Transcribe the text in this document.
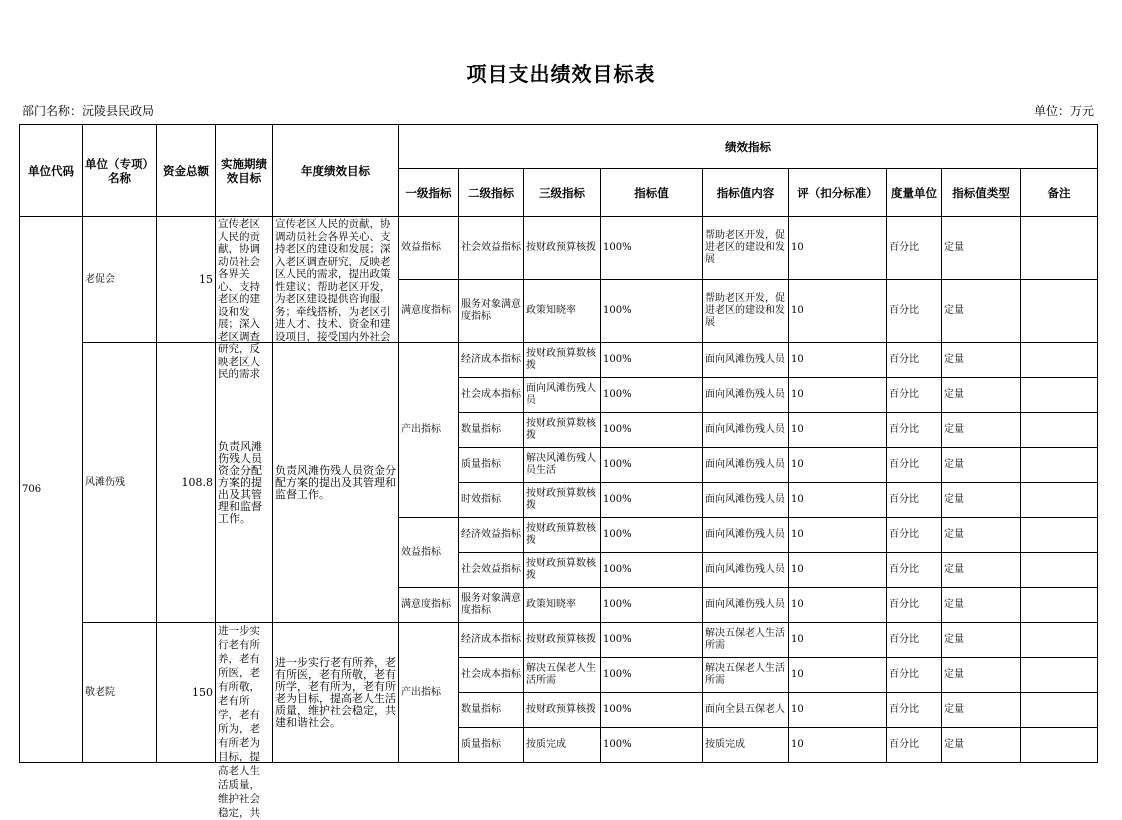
项目支出绩效目标表
部门名称：沅陵县民政局	单位：万元
单位代码	单位（专项）名称	资金总额	实施期绩效目标	年度绩效目标	绩效指标								
					一级指标	二级指标	三级指标	指标值	指标值内容	评（扣分标准）	度量单位	指标值类型	备注
706	老促会	15	宣传老区人民的贡献，协调动员社会各界关心、支持老区的建设和发展；深入老区调查研究，反映老区人民的需求	宣传老区人民的贡献，协调动员社会各界关心、支持老区的建设和发展；深入老区调查研究，反映老区人民的需求，提出政策性建议；帮助老区开发，为老区建设提供咨询服务；牵线搭桥，为老区引进人才、技术、资金和建设项目，接受国内外社会	效益指标	社会效益指标	按财政预算核拨	100%	帮助老区开发，促进老区的建设和发展	10	百分比	定量	
					满意度指标	服务对象满意度指标	政策知晓率	100%	帮助老区开发，促进老区的建设和发展	10	百分比	定量	
	风滩伤残	108.8	负责风滩伤残人员资金分配方案的提出及其管理和监督工作。	负责风滩伤残人员资金分配方案的提出及其管理和监督工作。	产出指标	经济成本指标	按财政预算数核拨	100%	面向风滩伤残人员	10	百分比	定量	
						社会成本指标	面向风滩伤残人员	100%	面向风滩伤残人员	10	百分比	定量	
						数量指标	按财政预算数核拨	100%	面向风滩伤残人员	10	百分比	定量	
						质量指标	解决风滩伤残人员生活	100%	面向风滩伤残人员	10	百分比	定量	
						时效指标	按财政预算数核拨	100%	面向风滩伤残人员	10	百分比	定量	
					效益指标	经济效益指标	按财政预算数核拨	100%	面向风滩伤残人员	10	百分比	定量	
						社会效益指标	按财政预算数核拨	100%	面向风滩伤残人员	10	百分比	定量	
					满意度指标	服务对象满意度指标	政策知晓率	100%	面向风滩伤残人员	10	百分比	定量	
	敬老院	150	进一步实行老有所养，老有所医，老有所敬，老有所学，老有所为，老有所老为目标，提高老人生活质量，维护社会稳定，共	进一步实行老有所养，老有所医，老有所敬，老有所学，老有所为，老有所老为目标，提高老人生活质量，维护社会稳定，共建和谐社会。	产出指标	经济成本指标	按财政预算核拨	100%	解决五保老人生活所需	10	百分比	定量	
						社会成本指标	解决五保老人生活所需	100%	解决五保老人生活所需	10	百分比	定量	
						数量指标	按财政预算核拨	100%	面向全县五保老人	10	百分比	定量	
						质量指标	按质完成	100%	按质完成	10	百分比	定量	
